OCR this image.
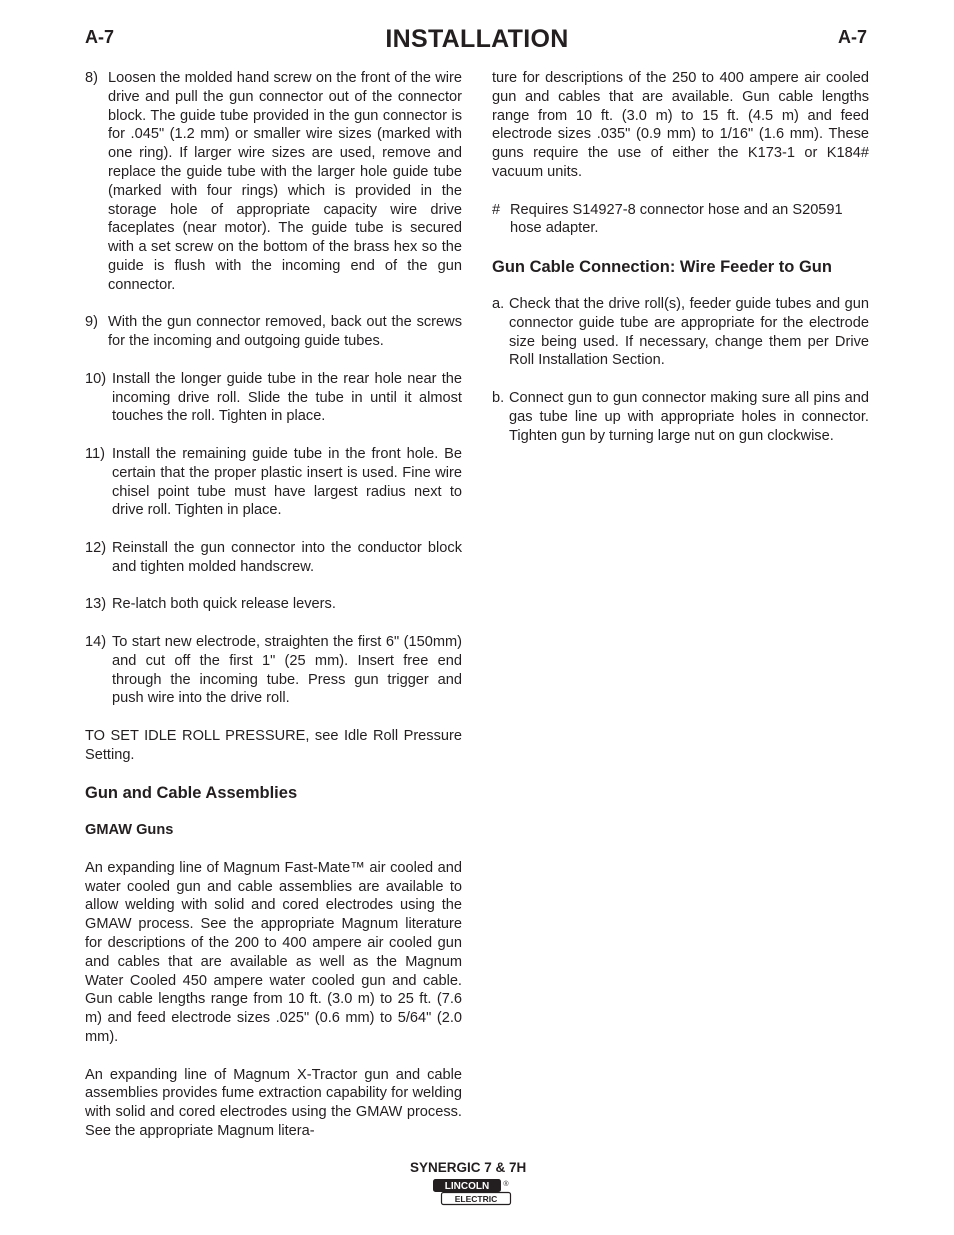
A-7	INSTALLATION	A-7
8) Loosen the molded hand screw on the front of the wire drive and pull the gun connector out of the connector block. The guide tube provided in the gun connector is for .045" (1.2 mm) or smaller wire sizes (marked with one ring). If larger wire sizes are used, remove and replace the guide tube with the larger hole guide tube (marked with four rings) which is provided in the storage hole of appropriate capacity wire drive faceplates (near motor). The guide tube is secured with a set screw on the bottom of the brass hex so the guide is flush with the incoming end of the gun connector.
9) With the gun connector removed, back out the screws for the incoming and outgoing guide tubes.
10) Install the longer guide tube in the rear hole near the incoming drive roll. Slide the tube in until it almost touches the roll. Tighten in place.
11) Install the remaining guide tube in the front hole. Be certain that the proper plastic insert is used. Fine wire chisel point tube must have largest radius next to drive roll. Tighten in place.
12) Reinstall the gun connector into the conductor block and tighten molded handscrew.
13) Re-latch both quick release levers.
14) To start new electrode, straighten the first 6" (150mm) and cut off the first 1" (25 mm). Insert free end through the incoming tube. Press gun trigger and push wire into the drive roll.

TO SET IDLE ROLL PRESSURE, see Idle Roll Pressure Setting.

Gun and Cable Assemblies
GMAW Guns

An expanding line of Magnum Fast-Mate™ air cooled and water cooled gun and cable assemblies are available to allow welding with solid and cored electrodes using the GMAW process. See the appropriate Magnum literature for descriptions of the 200 to 400 ampere air cooled gun and cables that are available as well as the Magnum Water Cooled 450 ampere water cooled gun and cable. Gun cable lengths range from 10 ft. (3.0 m) to 25 ft. (7.6 m) and feed electrode sizes .025" (0.6 mm) to 5/64" (2.0 mm).

An expanding line of Magnum X-Tractor gun and cable assemblies provides fume extraction capability for welding with solid and cored electrodes using the GMAW process. See the appropriate Magnum litera-

ture for descriptions of the 250 to 400 ampere air cooled gun and cables that are available. Gun cable lengths range from 10 ft. (3.0 m) to 15 ft. (4.5 m) and feed electrode sizes .035" (0.9 mm) to 1/16" (1.6 mm). These guns require the use of either the K173-1 or K184# vacuum units.

# Requires S14927-8 connector hose and an S20591 hose adapter.
Gun Cable Connection: Wire Feeder to Gun
a. Check that the drive roll(s), feeder guide tubes and gun connector guide tube are appropriate for the electrode size being used. If necessary, change them per Drive Roll Installation Section.
b. Connect gun to gun connector making sure all pins and gas tube line up with appropriate holes in connector. Tighten gun by turning large nut on gun clockwise.
SYNERGIC 7 & 7H
LINCOLN ®
ELECTRIC
